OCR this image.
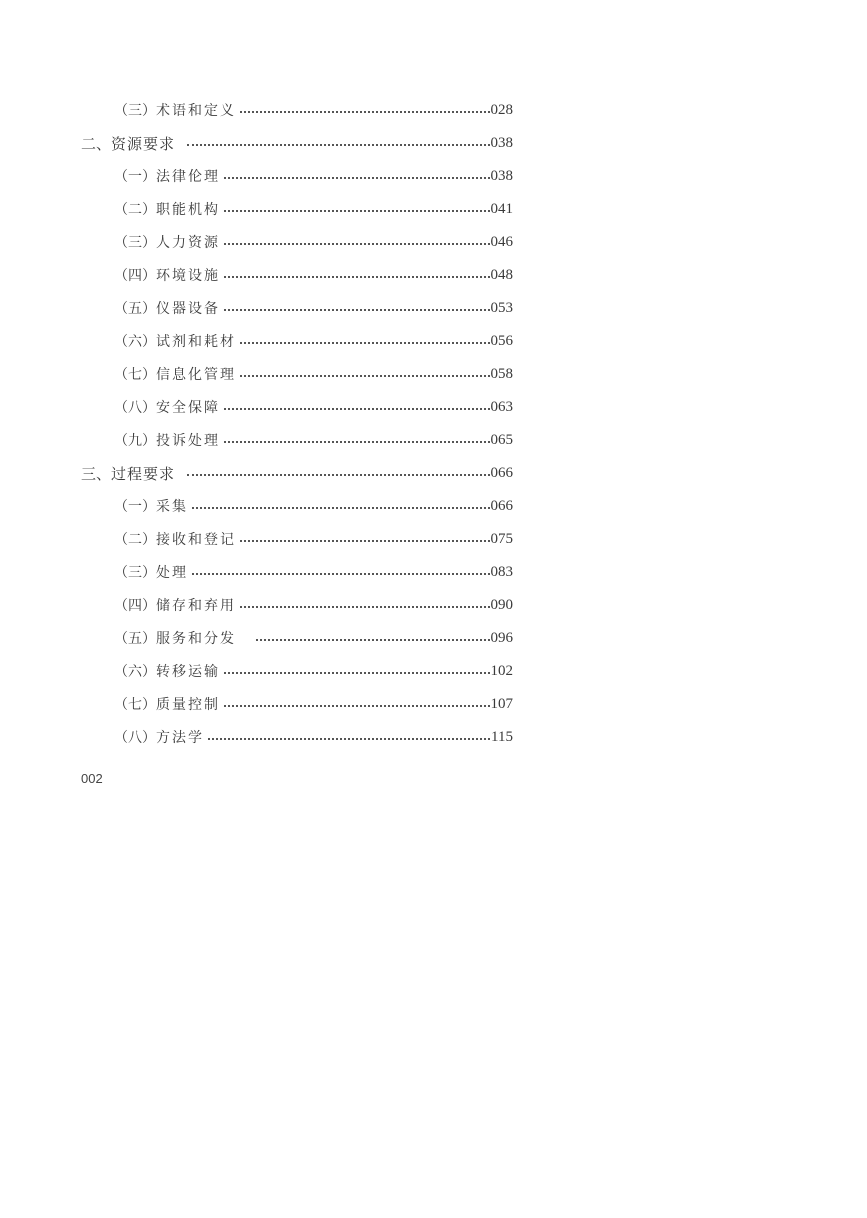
（三） 术语和定义	028
二、 资源要求	038
（一） 法律伦理	038
（二） 职能机构	041
（三） 人力资源	046
（四） 环境设施	048
（五） 仪器设备	053
（六） 试剂和耗材	056
（七） 信息化管理	058
（八） 安全保障	063
（九） 投诉处理	065
三、 过程要求	066
（一） 采集	066
（二） 接收和登记	075
（三） 处理	083
（四） 储存和弃用	090
（五） 服务和分发	096
（六） 转移运输	102
（七） 质量控制	107
（八） 方法学	115
002
